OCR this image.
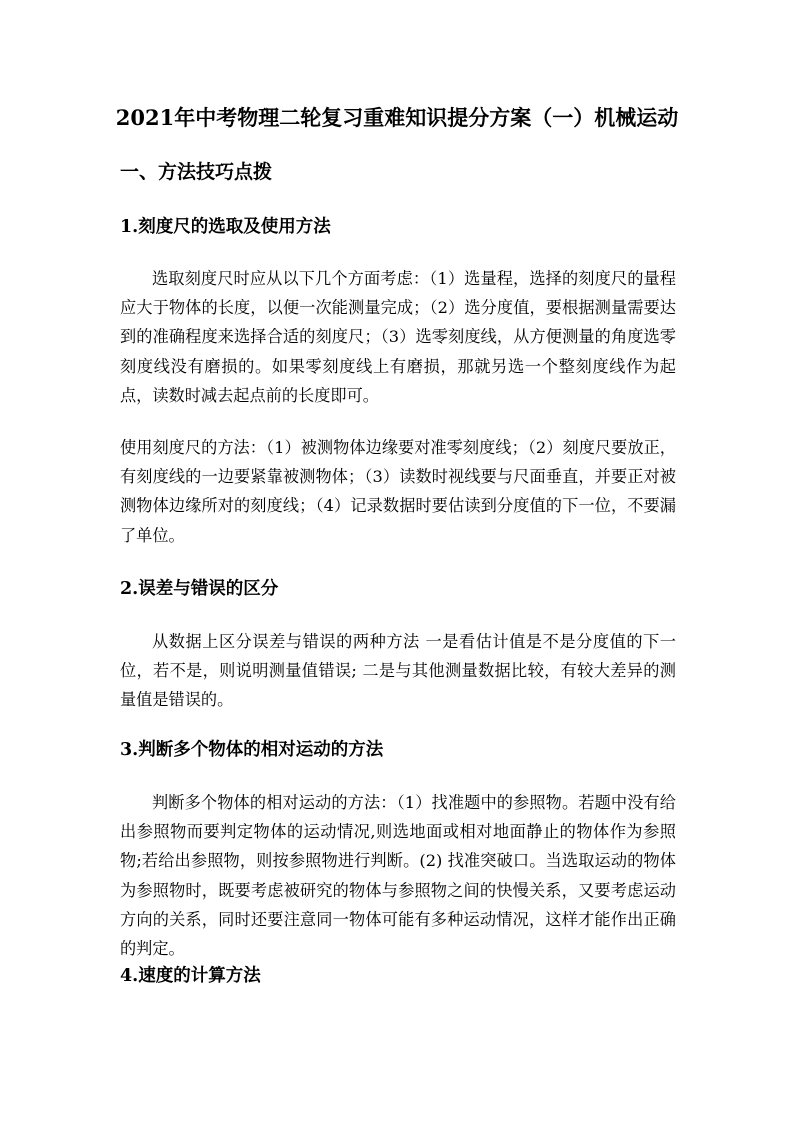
2021年中考物理二轮复习重难知识提分方案（一）机械运动
一、方法技巧点拨
1.刻度尺的选取及使用方法

选取刻度尺时应从以下几个方面考虑：（1）选量程，选择的刻度尺的量程应大于物体的长度，以便一次能测量完成；（2）选分度值，要根据测量需要达到的准确程度来选择合适的刻度尺；（3）选零刻度线，从方便测量的角度选零刻度线没有磨损的。如果零刻度线上有磨损，那就另选一个整刻度线作为起点，读数时减去起点前的长度即可。

使用刻度尺的方法：（1）被测物体边缘要对准零刻度线；（2）刻度尺要放正，有刻度线的一边要紧靠被测物体；（3）读数时视线要与尺面垂直，并要正对被测物体边缘所对的刻度线；（4）记录数据时要估读到分度值的下一位，不要漏了单位。

2.误差与错误的区分

从数据上区分误差与错误的两种方法 一是看估计值是不是分度值的下一位，若不是，则说明测量值错误; 二是与其他测量数据比较，有较大差异的测量值是错误的。

3.判断多个物体的相对运动的方法

判断多个物体的相对运动的方法：（1）找准题中的参照物。若题中没有给出参照物而要判定物体的运动情况,则选地面或相对地面静止的物体作为参照物;若给出参照物，则按参照物进行判断。(2) 找准突破口。当选取运动的物体为参照物时，既要考虑被研究的物体与参照物之间的快慢关系，又要考虑运动方向的关系，同时还要注意同一物体可能有多种运动情况，这样才能作出正确的判定。

4.速度的计算方法
